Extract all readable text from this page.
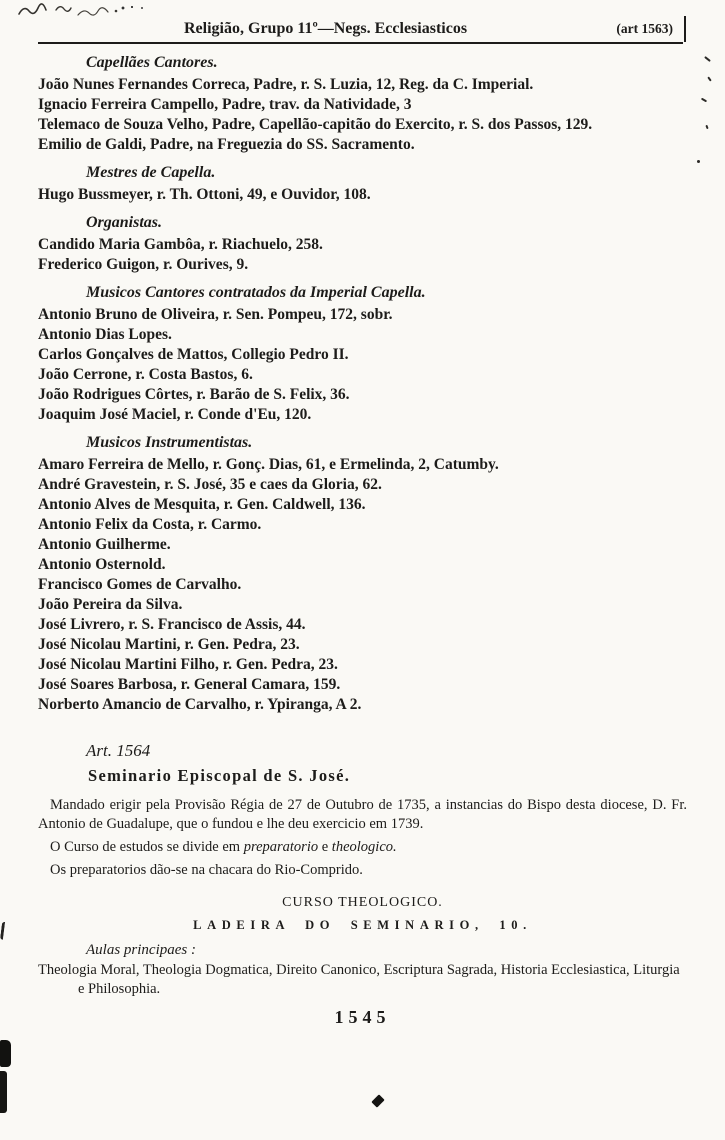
Religião, Grupo 11º—Negs. Ecclesiasticos	(art 1563)
Capellães Cantores.

João Nunes Fernandes Correca, Padre, r. S. Luzia, 12, Reg. da C. Imperial.

Ignacio Ferreira Campello, Padre, trav. da Natividade, 3

Telemaco de Souza Velho, Padre, Capellão-capitão do Exercito, r. S. dos Passos, 129.

Emilio de Galdi, Padre, na Freguezia do SS. Sacramento.

Mestres de Capella.

Hugo Bussmeyer, r. Th. Ottoni, 49, e Ouvidor, 108.

Organistas.

Candido Maria Gambôa, r. Riachuelo, 258.

Frederico Guigon, r. Ourives, 9.

Musicos Cantores contratados da Imperial Capella.

Antonio Bruno de Oliveira, r. Sen. Pompeu, 172, sobr.

Antonio Dias Lopes.

Carlos Gonçalves de Mattos, Collegio Pedro II.

João Cerrone, r. Costa Bastos, 6.

João Rodrigues Côrtes, r. Barão de S. Felix, 36.

Joaquim José Maciel, r. Conde d'Eu, 120.

Musicos Instrumentistas.

Amaro Ferreira de Mello, r. Gonç. Dias, 61, e Ermelinda, 2, Catumby.

André Gravestein, r. S. José, 35 e caes da Gloria, 62.

Antonio Alves de Mesquita, r. Gen. Caldwell, 136.

Antonio Felix da Costa, r. Carmo.

Antonio Guilherme.

Antonio Osternold.

Francisco Gomes de Carvalho.

João Pereira da Silva.

José Livrero, r. S. Francisco de Assis, 44.

José Nicolau Martini, r. Gen. Pedra, 23.

José Nicolau Martini Filho, r. Gen. Pedra, 23.

José Soares Barbosa, r. General Camara, 159.

Norberto Amancio de Carvalho, r. Ypiranga, A 2.

Art. 1564
Seminario Episcopal de S. José.

Mandado erigir pela Provisão Régia de 27 de Outubro de 1735, a instancias do Bispo desta diocese, D. Fr. Antonio de Guadalupe, que o fundou e lhe deu exercicio em 1739.

O Curso de estudos se divide em preparatorio e theologico.

Os preparatorios dão-se na chacara do Rio-Comprido.

CURSO THEOLOGICO.
LADEIRA DO SEMINARIO, 10.
Aulas principaes :

Theologia Moral, Theologia Dogmatica, Direito Canonico, Escriptura Sagrada, Historia Ecclesiastica, Liturgia e Philosophia.

1545
